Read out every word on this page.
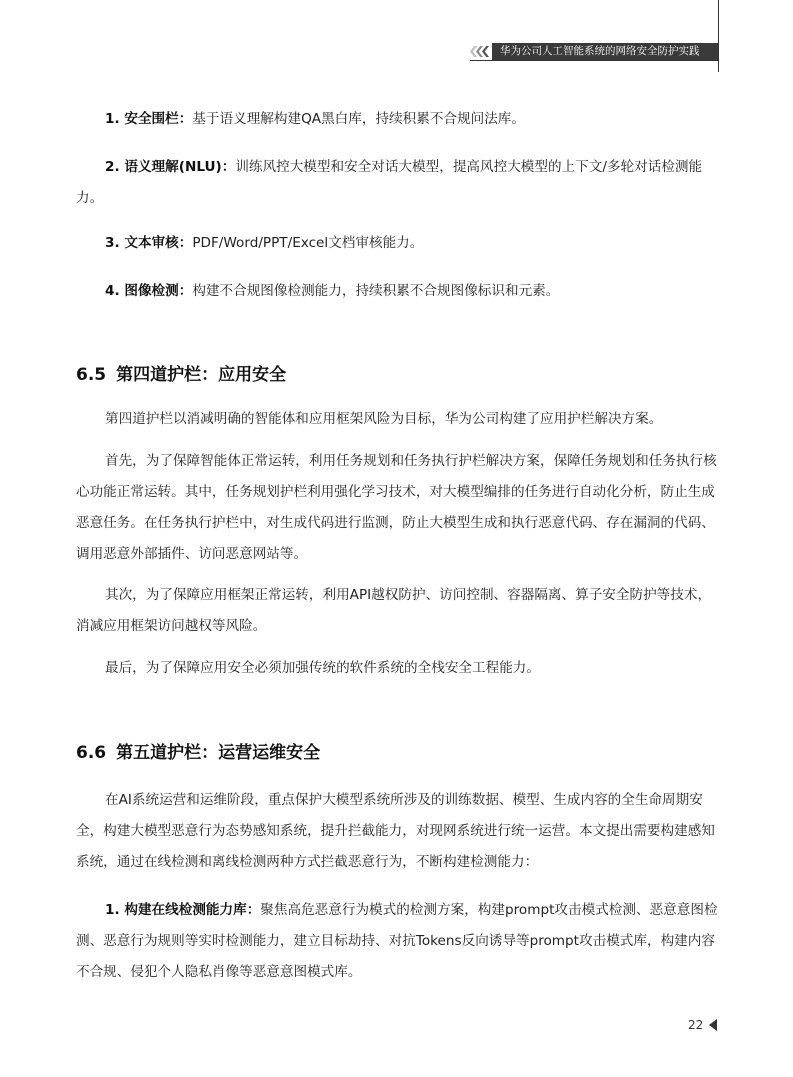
华为公司人工智能系统的网络安全防护实践

1. 安全围栏：基于语义理解构建QA黑白库，持续积累不合规问法库。

2. 语义理解(NLU)：训练风控大模型和安全对话大模型，提高风控大模型的上下文/多轮对话检测能力。

3. 文本审核：PDF/Word/PPT/Excel文档审核能力。

4. 图像检测：构建不合规图像检测能力，持续积累不合规图像标识和元素。

6.5 第四道护栏：应用安全

第四道护栏以消减明确的智能体和应用框架风险为目标，华为公司构建了应用护栏解决方案。

首先，为了保障智能体正常运转，利用任务规划和任务执行护栏解决方案，保障任务规划和任务执行核心功能正常运转。其中，任务规划护栏利用强化学习技术，对大模型编排的任务进行自动化分析，防止生成恶意任务。在任务执行护栏中，对生成代码进行监测，防止大模型生成和执行恶意代码、存在漏洞的代码、调用恶意外部插件、访问恶意网站等。

其次，为了保障应用框架正常运转，利用API越权防护、访问控制、容器隔离、算子安全防护等技术，消减应用框架访问越权等风险。

最后，为了保障应用安全必须加强传统的软件系统的全栈安全工程能力。

6.6 第五道护栏：运营运维安全

在AI系统运营和运维阶段，重点保护大模型系统所涉及的训练数据、模型、生成内容的全生命周期安全，构建大模型恶意行为态势感知系统，提升拦截能力，对现网系统进行统一运营。本文提出需要构建感知系统，通过在线检测和离线检测两种方式拦截恶意行为，不断构建检测能力：

1. 构建在线检测能力库：聚焦高危恶意行为模式的检测方案，构建prompt攻击模式检测、恶意意图检测、恶意行为规则等实时检测能力，建立目标劫持、对抗Tokens反向诱导等prompt攻击模式库，构建内容不合规、侵犯个人隐私肖像等恶意意图模式库。

22
